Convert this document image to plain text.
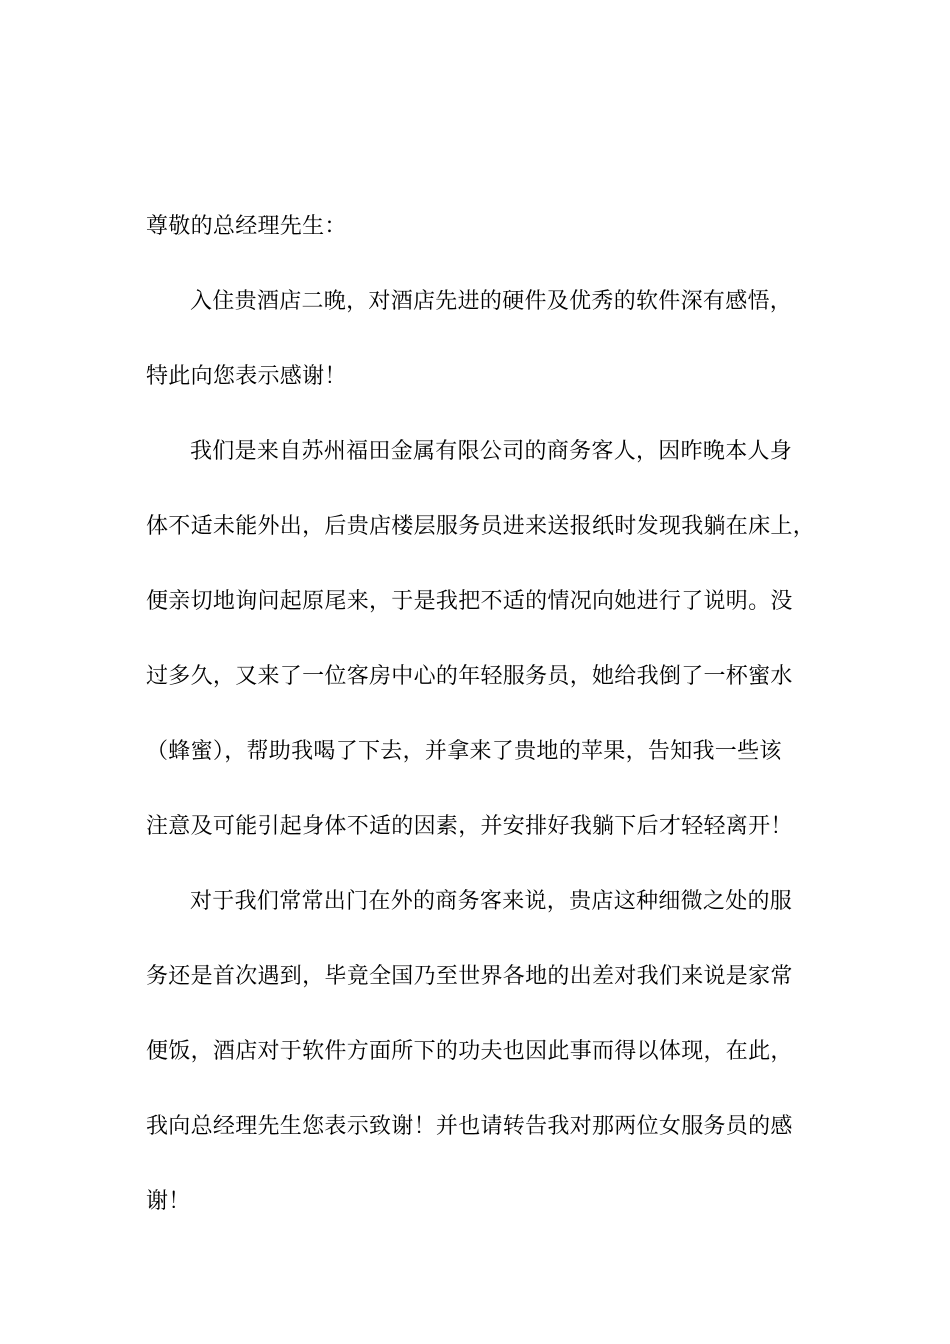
尊敬的总经理先生：

入住贵酒店二晚，对酒店先进的硬件及优秀的软件深有感悟，

特此向您表示感谢！

我们是来自苏州福田金属有限公司的商务客人，因昨晚本人身

体不适未能外出，后贵店楼层服务员进来送报纸时发现我躺在床上，

便亲切地询问起原尾来，于是我把不适的情况向她进行了说明。没

过多久，又来了一位客房中心的年轻服务员，她给我倒了一杯蜜水

（蜂蜜），帮助我喝了下去，并拿来了贵地的苹果，告知我一些该

注意及可能引起身体不适的因素，并安排好我躺下后才轻轻离开！

对于我们常常出门在外的商务客来说，贵店这种细微之处的服

务还是首次遇到，毕竟全国乃至世界各地的出差对我们来说是家常

便饭，酒店对于软件方面所下的功夫也因此事而得以体现，在此，

我向总经理先生您表示致谢！并也请转告我对那两位女服务员的感

谢！
